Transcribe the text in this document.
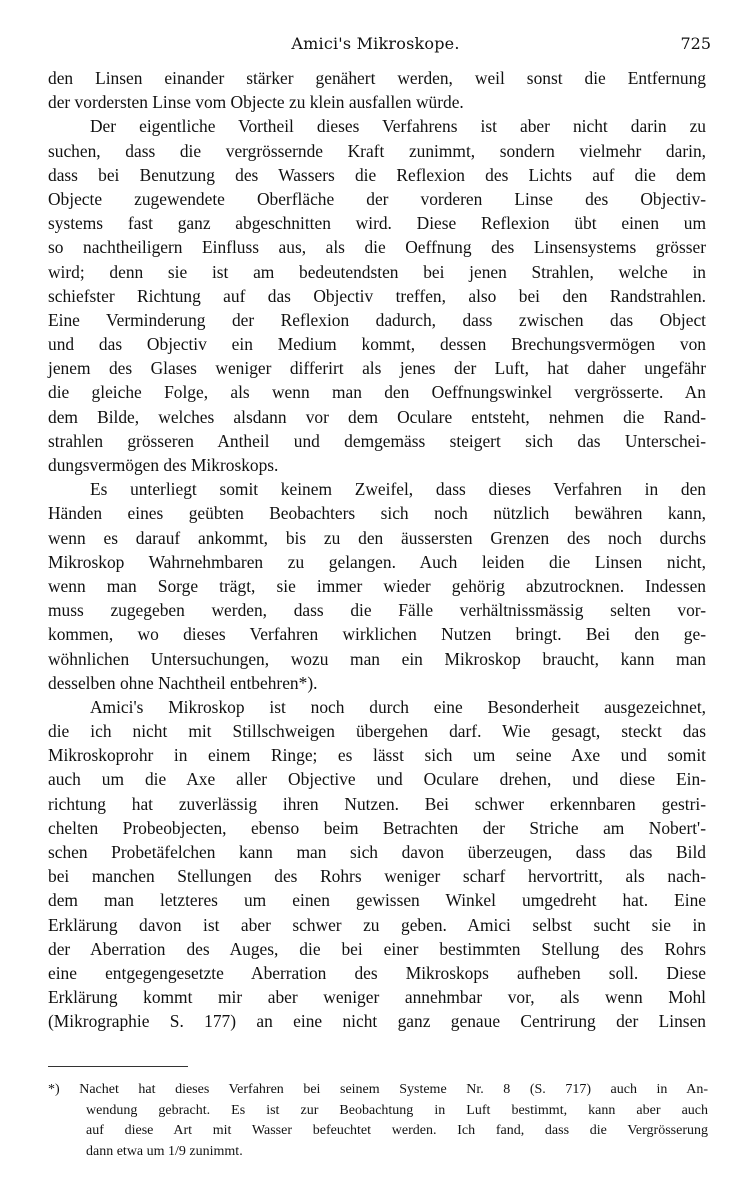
Amici's Mikroskope.	725
den Linsen einander stärker genähert werden, weil sonst die Entfernung
der vordersten Linse vom Objecte zu klein ausfallen würde.
Der eigentliche Vortheil dieses Verfahrens ist aber nicht darin zu
suchen, dass die vergrössernde Kraft zunimmt, sondern vielmehr darin,
dass bei Benutzung des Wassers die Reflexion des Lichts auf die dem
Objecte zugewendete Oberfläche der vorderen Linse des Objectiv-
systems fast ganz abgeschnitten wird. Diese Reflexion übt einen um
so nachtheiligern Einfluss aus, als die Oeffnung des Linsensystems grösser
wird; denn sie ist am bedeutendsten bei jenen Strahlen, welche in
schiefster Richtung auf das Objectiv treffen, also bei den Randstrahlen.
Eine Verminderung der Reflexion dadurch, dass zwischen das Object
und das Objectiv ein Medium kommt, dessen Brechungsvermögen von
jenem des Glases weniger differirt als jenes der Luft, hat daher ungefähr
die gleiche Folge, als wenn man den Oeffnungswinkel vergrösserte. An
dem Bilde, welches alsdann vor dem Oculare entsteht, nehmen die Rand-
strahlen grösseren Antheil und demgemäss steigert sich das Unterschei-
dungsvermögen des Mikroskops.
Es unterliegt somit keinem Zweifel, dass dieses Verfahren in den
Händen eines geübten Beobachters sich noch nützlich bewähren kann,
wenn es darauf ankommt, bis zu den äussersten Grenzen des noch durchs
Mikroskop Wahrnehmbaren zu gelangen. Auch leiden die Linsen nicht,
wenn man Sorge trägt, sie immer wieder gehörig abzutrocknen. Indessen
muss zugegeben werden, dass die Fälle verhältnissmässig selten vor-
kommen, wo dieses Verfahren wirklichen Nutzen bringt. Bei den ge-
wöhnlichen Untersuchungen, wozu man ein Mikroskop braucht, kann man
desselben ohne Nachtheil entbehren*).
Amici's Mikroskop ist noch durch eine Besonderheit ausgezeichnet,
die ich nicht mit Stillschweigen übergehen darf. Wie gesagt, steckt das
Mikroskoprohr in einem Ringe; es lässt sich um seine Axe und somit
auch um die Axe aller Objective und Oculare drehen, und diese Ein-
richtung hat zuverlässig ihren Nutzen. Bei schwer erkennbaren gestri-
chelten Probeobjecten, ebenso beim Betrachten der Striche am Nobert'-
schen Probetäfelchen kann man sich davon überzeugen, dass das Bild
bei manchen Stellungen des Rohrs weniger scharf hervortritt, als nach-
dem man letzteres um einen gewissen Winkel umgedreht hat. Eine
Erklärung davon ist aber schwer zu geben. Amici selbst sucht sie in
der Aberration des Auges, die bei einer bestimmten Stellung des Rohrs
eine entgegengesetzte Aberration des Mikroskops aufheben soll. Diese
Erklärung kommt mir aber weniger annehmbar vor, als wenn Mohl
(Mikrographie S. 177) an eine nicht ganz genaue Centrirung der Linsen
*) Nachet hat dieses Verfahren bei seinem Systeme Nr. 8 (S. 717) auch in An-
wendung gebracht. Es ist zur Beobachtung in Luft bestimmt, kann aber auch
auf diese Art mit Wasser befeuchtet werden. Ich fand, dass die Vergrösserung
dann etwa um 1/9 zunimmt.
